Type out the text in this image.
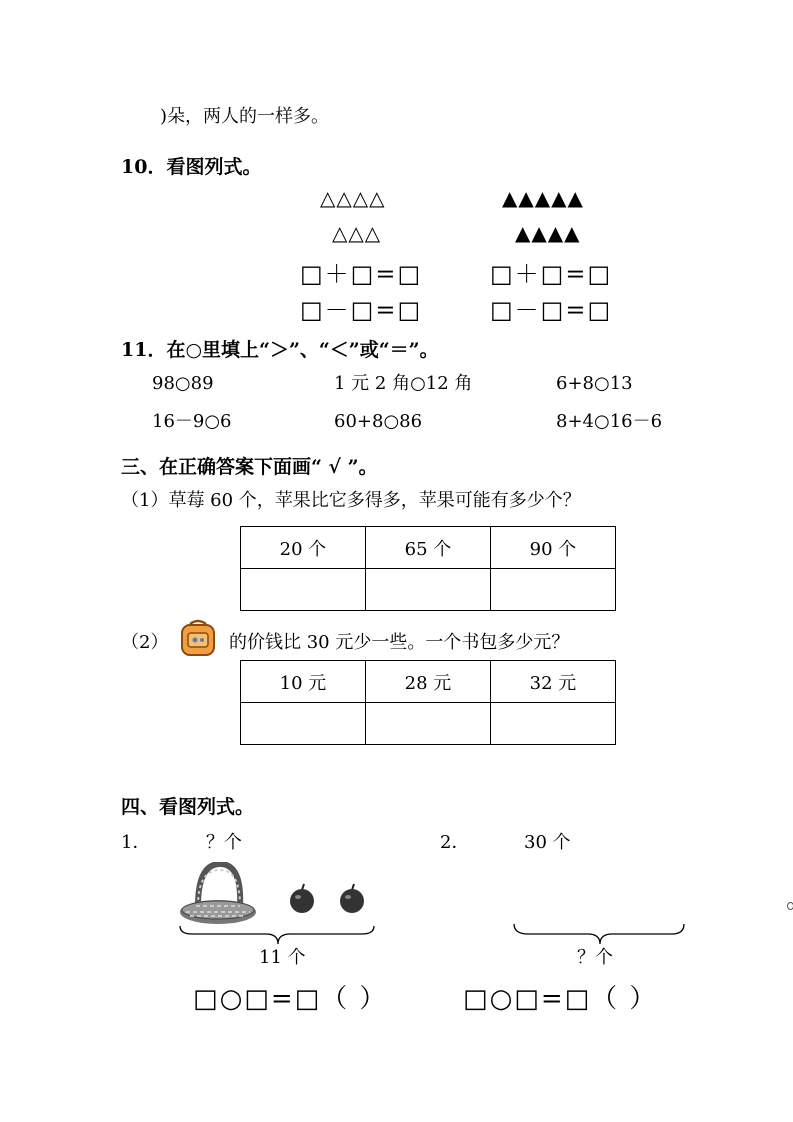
)朵，两人的一样多。
10．看图列式。
△△△△
△△△
▲▲▲▲▲
▲▲▲▲
□＋□=□
□－□=□
□＋□=□
□－□=□
11．在○里填上“＞”、“＜”或“＝”。
98○89	1 元 2 角○12 角	6+8○13
16－9○6	60+8○86	8+4○16－6
三、在正确答案下面画“ √ ”。
（1）草莓 60 个，苹果比它多得多，苹果可能有多少个？
20 个	65 个	90 个

（2）	的价钱比 30 元少一些。一个书包多少元？
10 元	28 元	32 元

四、看图列式。
1．	？个	2．	30 个
11 个	？个
□○□=□（ ）	□○□=□（ ）
